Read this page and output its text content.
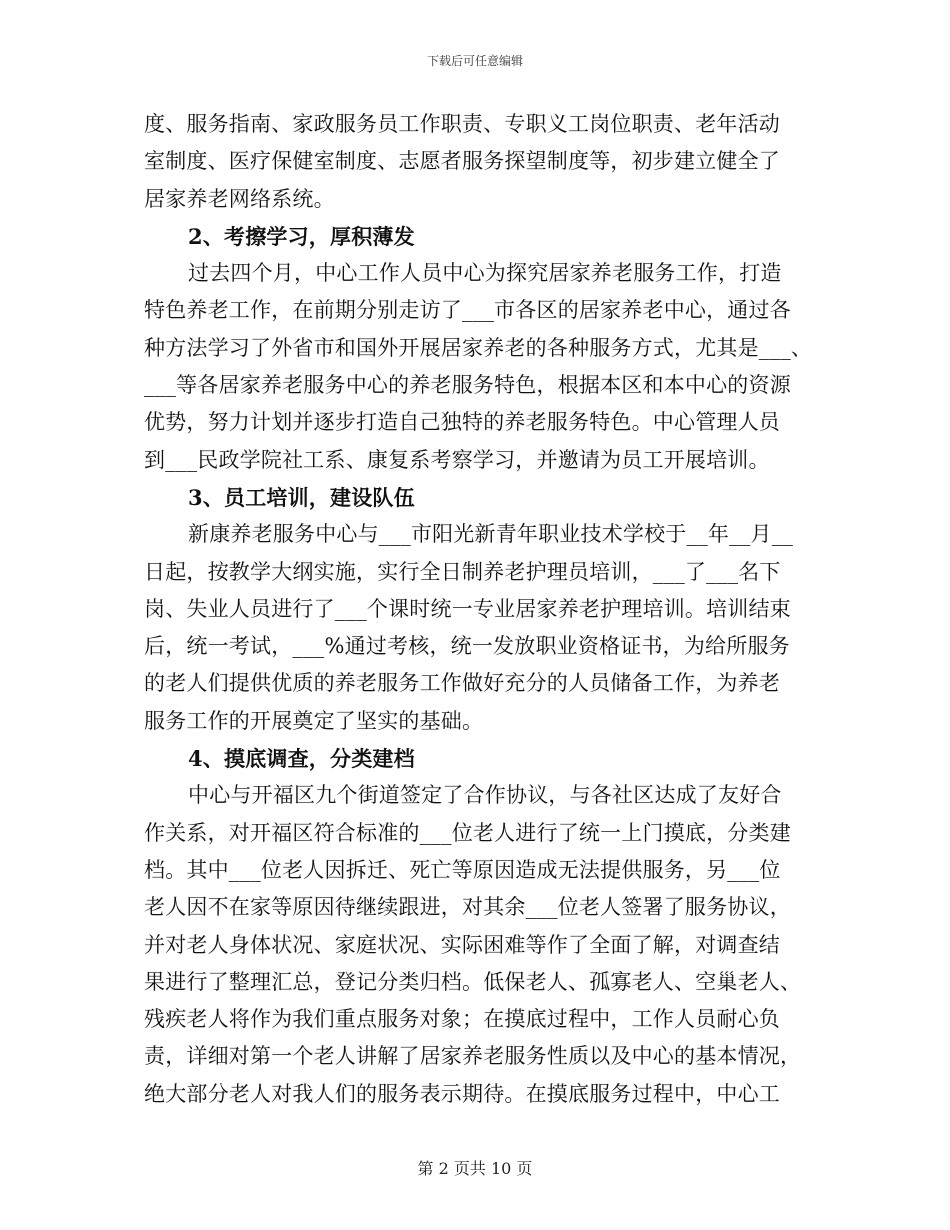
下载后可任意编辑
度、服务指南、家政服务员工作职责、专职义工岗位职责、老年活动
室制度、医疗保健室制度、志愿者服务探望制度等，初步建立健全了
居家养老网络系统。
2、考擦学习，厚积薄发
过去四个月，中心工作人员中心为探究居家养老服务工作，打造
特色养老工作，在前期分别走访了___市各区的居家养老中心，通过各
种方法学习了外省市和国外开展居家养老的各种服务方式，尤其是___、
___等各居家养老服务中心的养老服务特色，根据本区和本中心的资源
优势，努力计划并逐步打造自己独特的养老服务特色。中心管理人员
到___民政学院社工系、康复系考察学习，并邀请为员工开展培训。
3、员工培训，建设队伍
新康养老服务中心与___市阳光新青年职业技术学校于__年__月__
日起，按教学大纲实施，实行全日制养老护理员培训，___了___名下
岗、失业人员进行了___个课时统一专业居家养老护理培训。培训结束
后，统一考试，___%通过考核，统一发放职业资格证书，为给所服务
的老人们提供优质的养老服务工作做好充分的人员储备工作，为养老
服务工作的开展奠定了坚实的基础。
4、摸底调查，分类建档
中心与开福区九个街道签定了合作协议，与各社区达成了友好合
作关系，对开福区符合标准的___位老人进行了统一上门摸底，分类建
档。其中___位老人因拆迁、死亡等原因造成无法提供服务，另___位
老人因不在家等原因待继续跟进，对其余___位老人签署了服务协议，
并对老人身体状况、家庭状况、实际困难等作了全面了解，对调查结
果进行了整理汇总，登记分类归档。低保老人、孤寡老人、空巢老人、
残疾老人将作为我们重点服务对象；在摸底过程中，工作人员耐心负
责，详细对第一个老人讲解了居家养老服务性质以及中心的基本情况，
绝大部分老人对我人们的服务表示期待。在摸底服务过程中，中心工
第 2 页共 10 页
